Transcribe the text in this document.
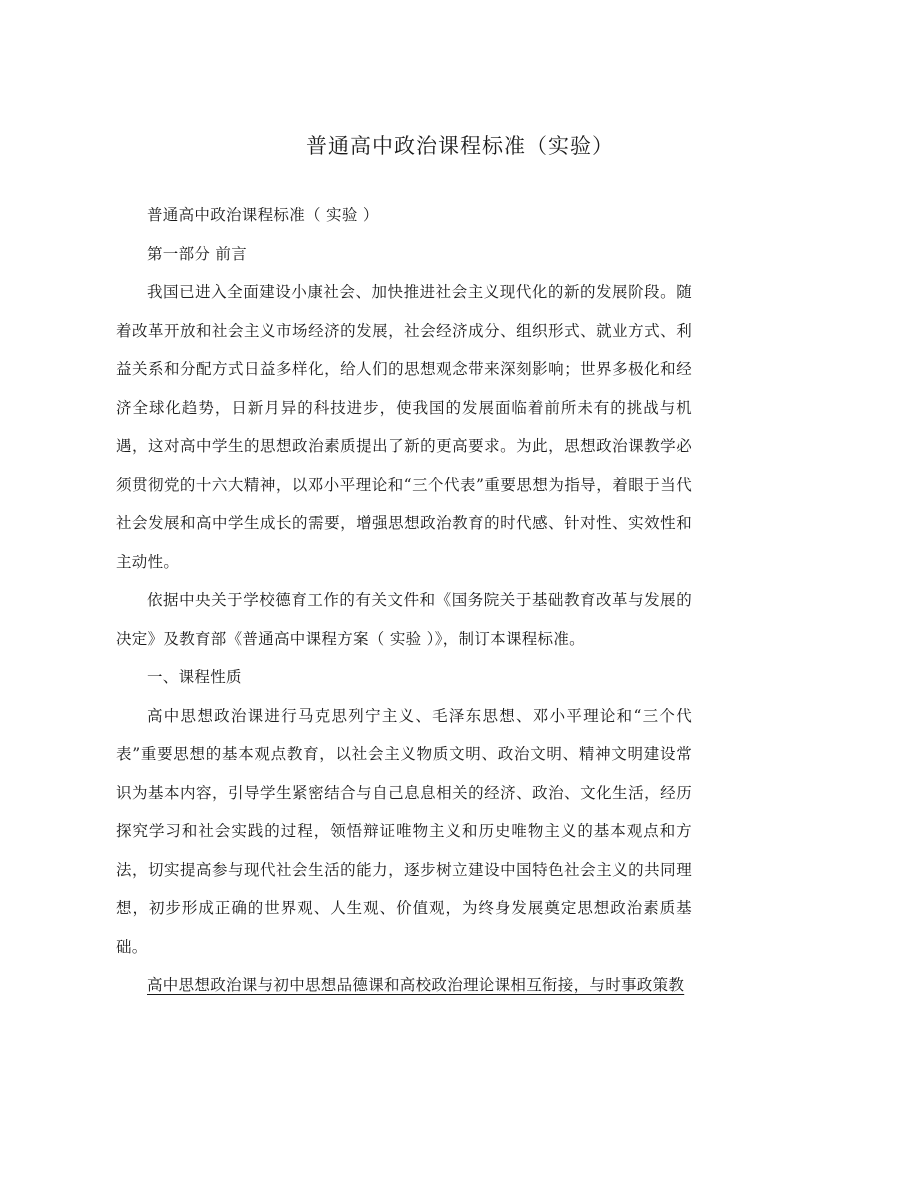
普通高中政治课程标准（实验）

普通高中政治课程标准（ 实验 ）

第一部分 前言

我国已进入全面建设小康社会、加快推进社会主义现代化的新的发展阶段。随着改革开放和社会主义市场经济的发展，社会经济成分、组织形式、就业方式、利益关系和分配方式日益多样化，给人们的思想观念带来深刻影响；世界多极化和经济全球化趋势，日新月异的科技进步，使我国的发展面临着前所未有的挑战与机遇，这对高中学生的思想政治素质提出了新的更高要求。为此，思想政治课教学必须贯彻党的十六大精神，以邓小平理论和“三个代表”重要思想为指导，着眼于当代社会发展和高中学生成长的需要，增强思想政治教育的时代感、针对性、实效性和主动性。

依据中央关于学校德育工作的有关文件和《国务院关于基础教育改革与发展的决定》及教育部《普通高中课程方案（ 实验 ）》，制订本课程标准。

一、课程性质

高中思想政治课进行马克思列宁主义、毛泽东思想、邓小平理论和“三个代表”重要思想的基本观点教育，以社会主义物质文明、政治文明、精神文明建设常识为基本内容，引导学生紧密结合与自己息息相关的经济、政治、文化生活，经历探究学习和社会实践的过程，领悟辩证唯物主义和历史唯物主义的基本观点和方法，切实提高参与现代社会生活的能力，逐步树立建设中国特色社会主义的共同理想，初步形成正确的世界观、人生观、价值观，为终身发展奠定思想政治素质基础。

高中思想政治课与初中思想品德课和高校政治理论课相互衔接，与时事政策教
